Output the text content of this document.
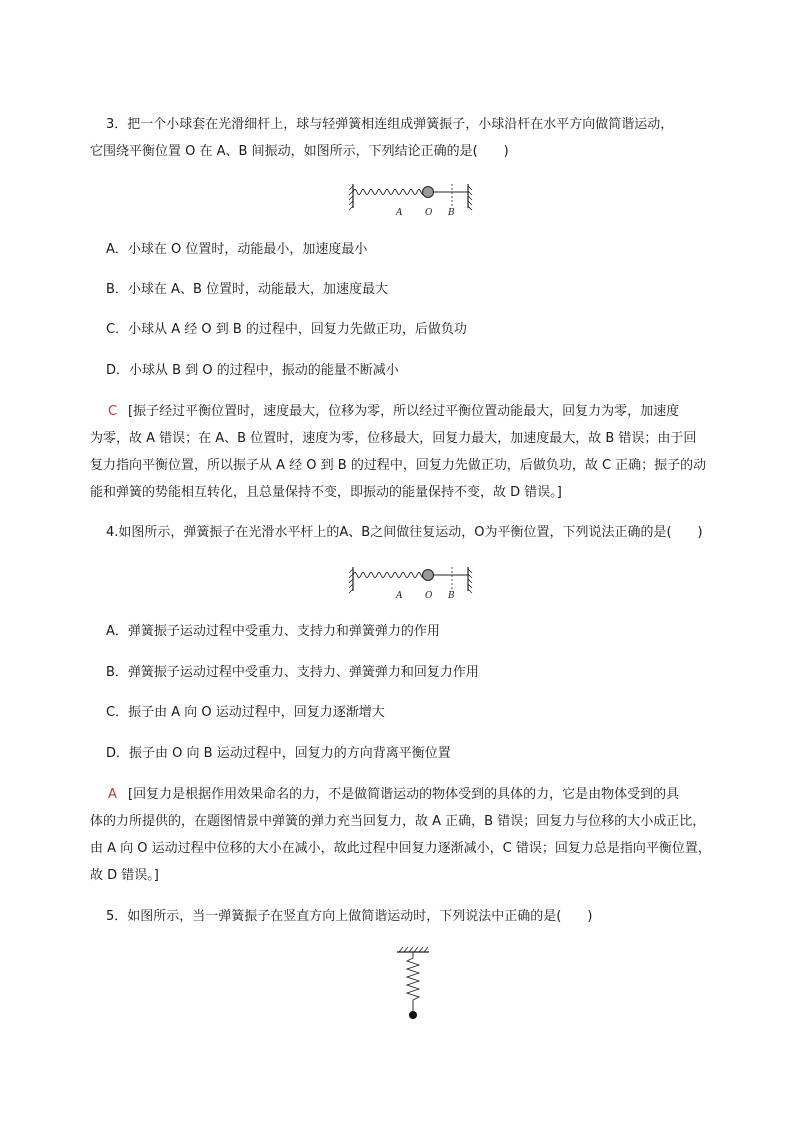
3．把一个小球套在光滑细杆上，球与轻弹簧相连组成弹簧振子，小球沿杆在水平方向做简谐运动，
它围绕平衡位置 O 在 A、B 间振动，如图所示，下列结论正确的是(　　)
A	O B
A．小球在 O 位置时，动能最小，加速度最小
B．小球在 A、B 位置时，动能最大，加速度最大
C．小球从 A 经 O 到 B 的过程中，回复力先做正功，后做负功
D．小球从 B 到 O 的过程中，振动的能量不断减小
C [振子经过平衡位置时，速度最大，位移为零，所以经过平衡位置动能最大，回复力为零，加速度
为零，故 A 错误；在 A、B 位置时，速度为零，位移最大，回复力最大，加速度最大，故 B 错误；由于回
复力指向平衡位置，所以振子从 A 经 O 到 B 的过程中，回复力先做正功，后做负功，故 C 正确；振子的动
能和弹簧的势能相互转化，且总量保持不变，即振动的能量保持不变，故 D 错误。]
4.如图所示，弹簧振子在光滑水平杆上的A、B之间做往复运动，O为平衡位置，下列说法正确的是(　　)
A	O B
A．弹簧振子运动过程中受重力、支持力和弹簧弹力的作用
B．弹簧振子运动过程中受重力、支持力、弹簧弹力和回复力作用
C．振子由 A 向 O 运动过程中，回复力逐渐增大
D．振子由 O 向 B 运动过程中，回复力的方向背离平衡位置
A [回复力是根据作用效果命名的力，不是做简谐运动的物体受到的具体的力，它是由物体受到的具
体的力所提供的，在题图情景中弹簧的弹力充当回复力，故 A 正确，B 错误；回复力与位移的大小成正比，
由 A 向 O 运动过程中位移的大小在减小，故此过程中回复力逐渐减小，C 错误；回复力总是指向平衡位置，
故 D 错误。]
5．如图所示，当一弹簧振子在竖直方向上做简谐运动时，下列说法中正确的是(　　)
